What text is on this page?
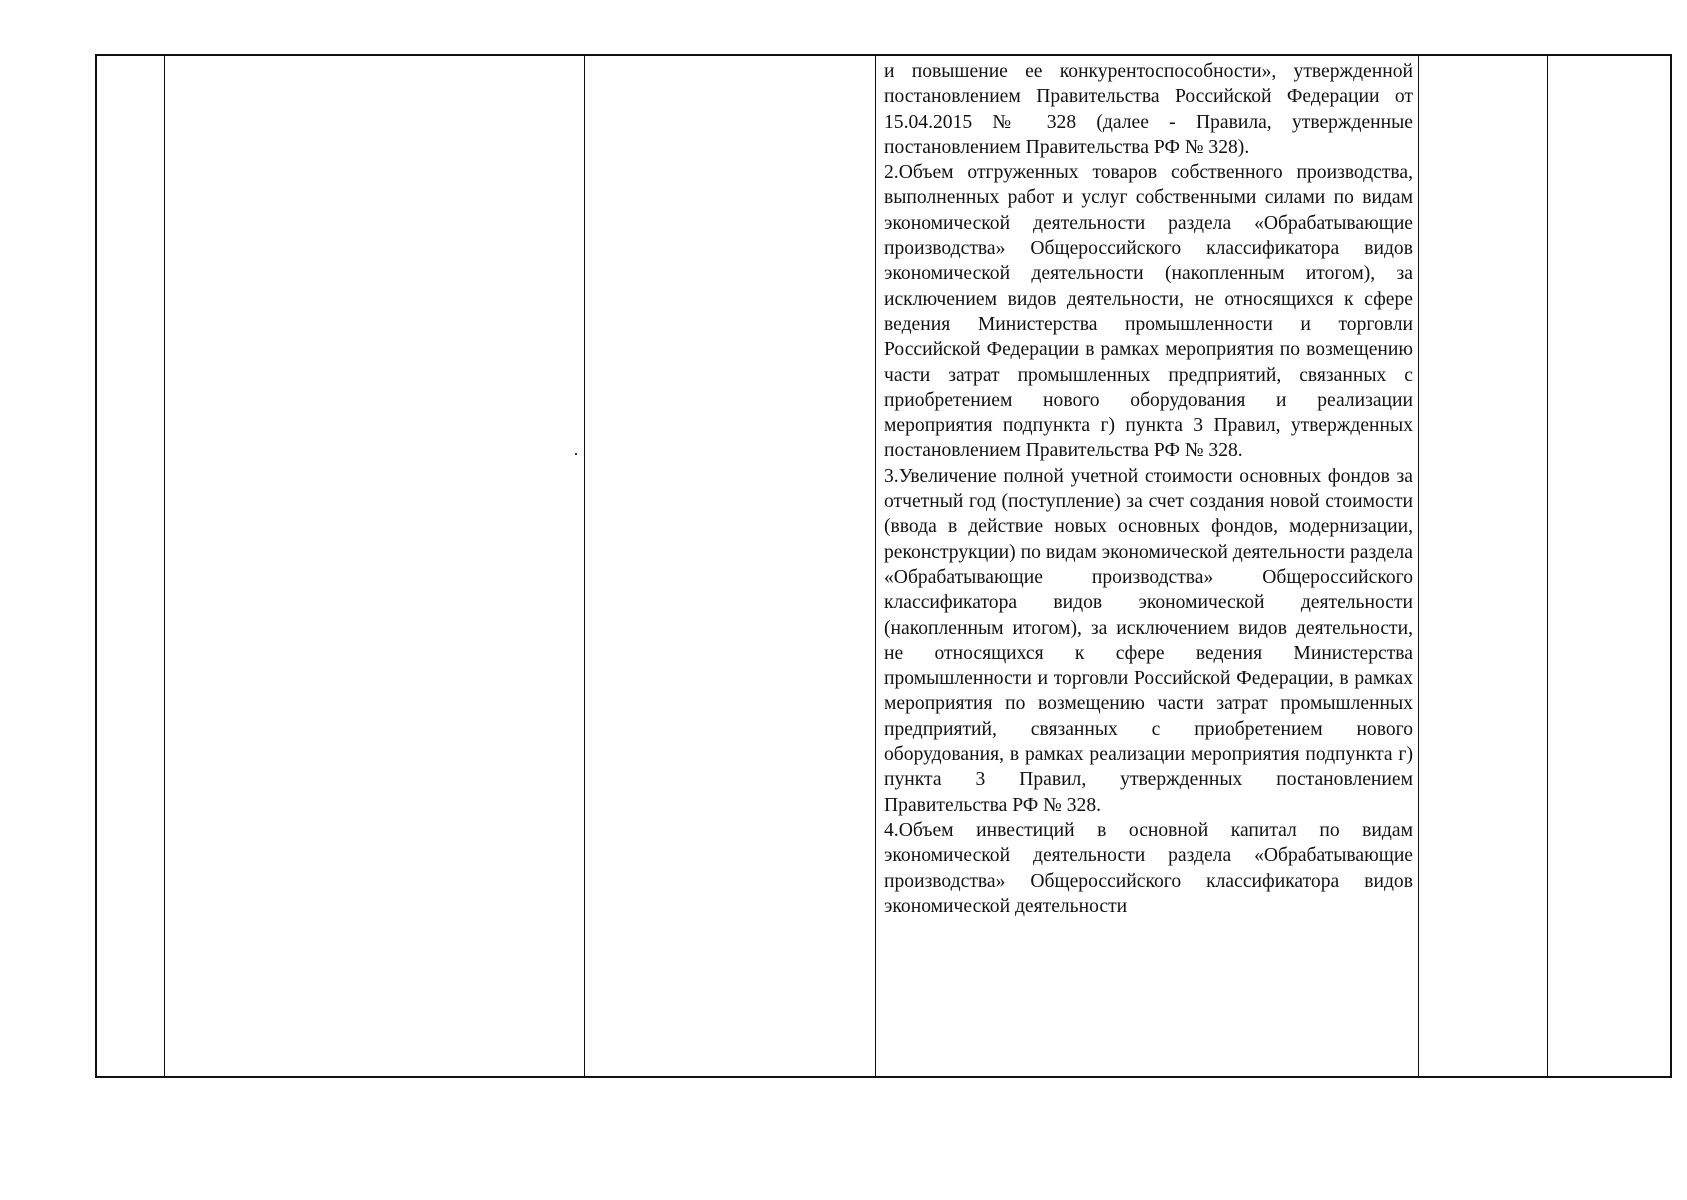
и повышение ее конкурентоспособности», утвержденной постановлением Правительства Российской Федерации от 15.04.2015 № 328 (далее - Правила, утвержденные постановлением Правительства РФ № 328).

2.Объем отгруженных товаров собственного производства, выполненных работ и услуг собственными силами по видам экономической деятельности раздела «Обрабатывающие производства» Общероссийского классификатора видов экономической деятельности (накопленным итогом), за исключением видов деятельности, не относящихся к сфере ведения Министерства промышленности и торговли Российской Федерации в рамках мероприятия по возмещению части затрат промышленных предприятий, связанных с приобретением нового оборудования и реализации мероприятия подпункта г) пункта 3 Правил, утвержденных постановлением Правительства РФ № 328.

3.Увеличение полной учетной стоимости основных фондов за отчетный год (поступление) за счет создания новой стоимости (ввода в действие новых основных фондов, модернизации, реконструкции) по видам экономической деятельности раздела «Обрабатывающие производства» Общероссийского классификатора видов экономической деятельности (накопленным итогом), за исключением видов деятельности, не относящихся к сфере ведения Министерства промышленности и торговли Российской Федерации, в рамках мероприятия по возмещению части затрат промышленных предприятий, связанных с приобретением нового оборудования, в рамках реализации мероприятия подпункта г) пункта 3 Правил, утвержденных постановлением Правительства РФ № 328.

4.Объем инвестиций в основной капитал по видам экономической деятельности раздела «Обрабатывающие производства» Общероссийского классификатора видов экономической деятельности
